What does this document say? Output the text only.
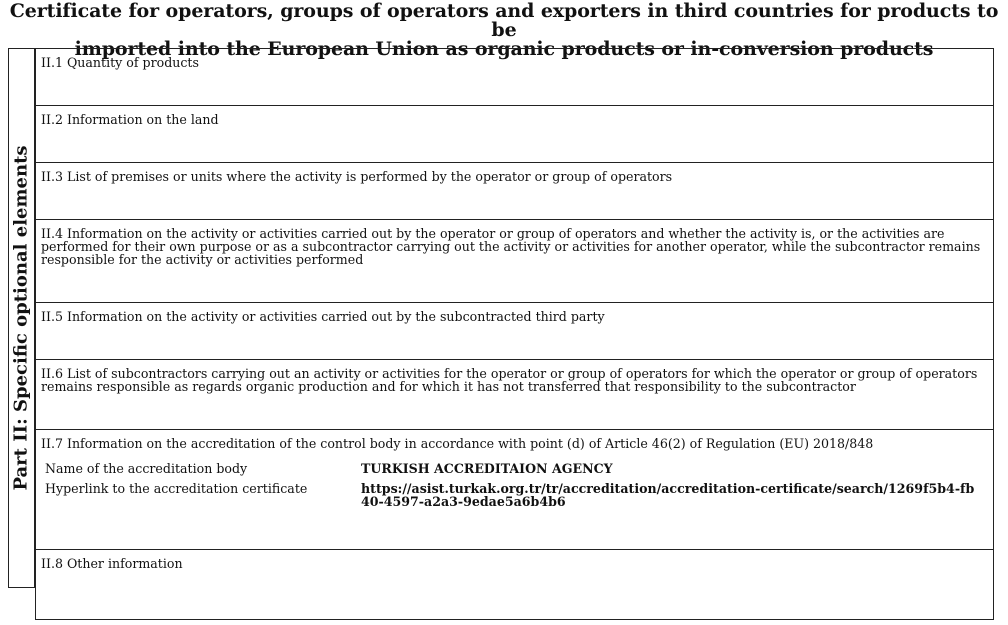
Certificate for operators, groups of operators and exporters in third countries for products to be
imported into the European Union as organic products or in-conversion products
Part II: Specific optional elements
II.1 Quantity of products
II.2 Information on the land
II.3 List of premises or units where the activity is performed by the operator or group of operators
II.4 Information on the activity or activities carried out by the operator or group of operators and whether the activity is, or the activities are performed for their own purpose or as a subcontractor carrying out the activity or activities for another operator, while the subcontractor remains responsible for the activity or activities performed
II.5 Information on the activity or activities carried out by the subcontracted third party
II.6 List of subcontractors carrying out an activity or activities for the operator or group of operators for which the operator or group of operators remains responsible as regards organic production and for which it has not transferred that responsibility to the subcontractor
II.7 Information on the accreditation of the control body in accordance with point (d) of Article 46(2) of Regulation (EU) 2018/848
Name of the accreditation body	TURKISH ACCREDITAION AGENCY
Hyperlink to the accreditation certificate	https://asist.turkak.org.tr/tr/accreditation/accreditation-certificate/search/1269f5b4-fb40-4597-a2a3-9edae5a6b4b6
II.8 Other information
